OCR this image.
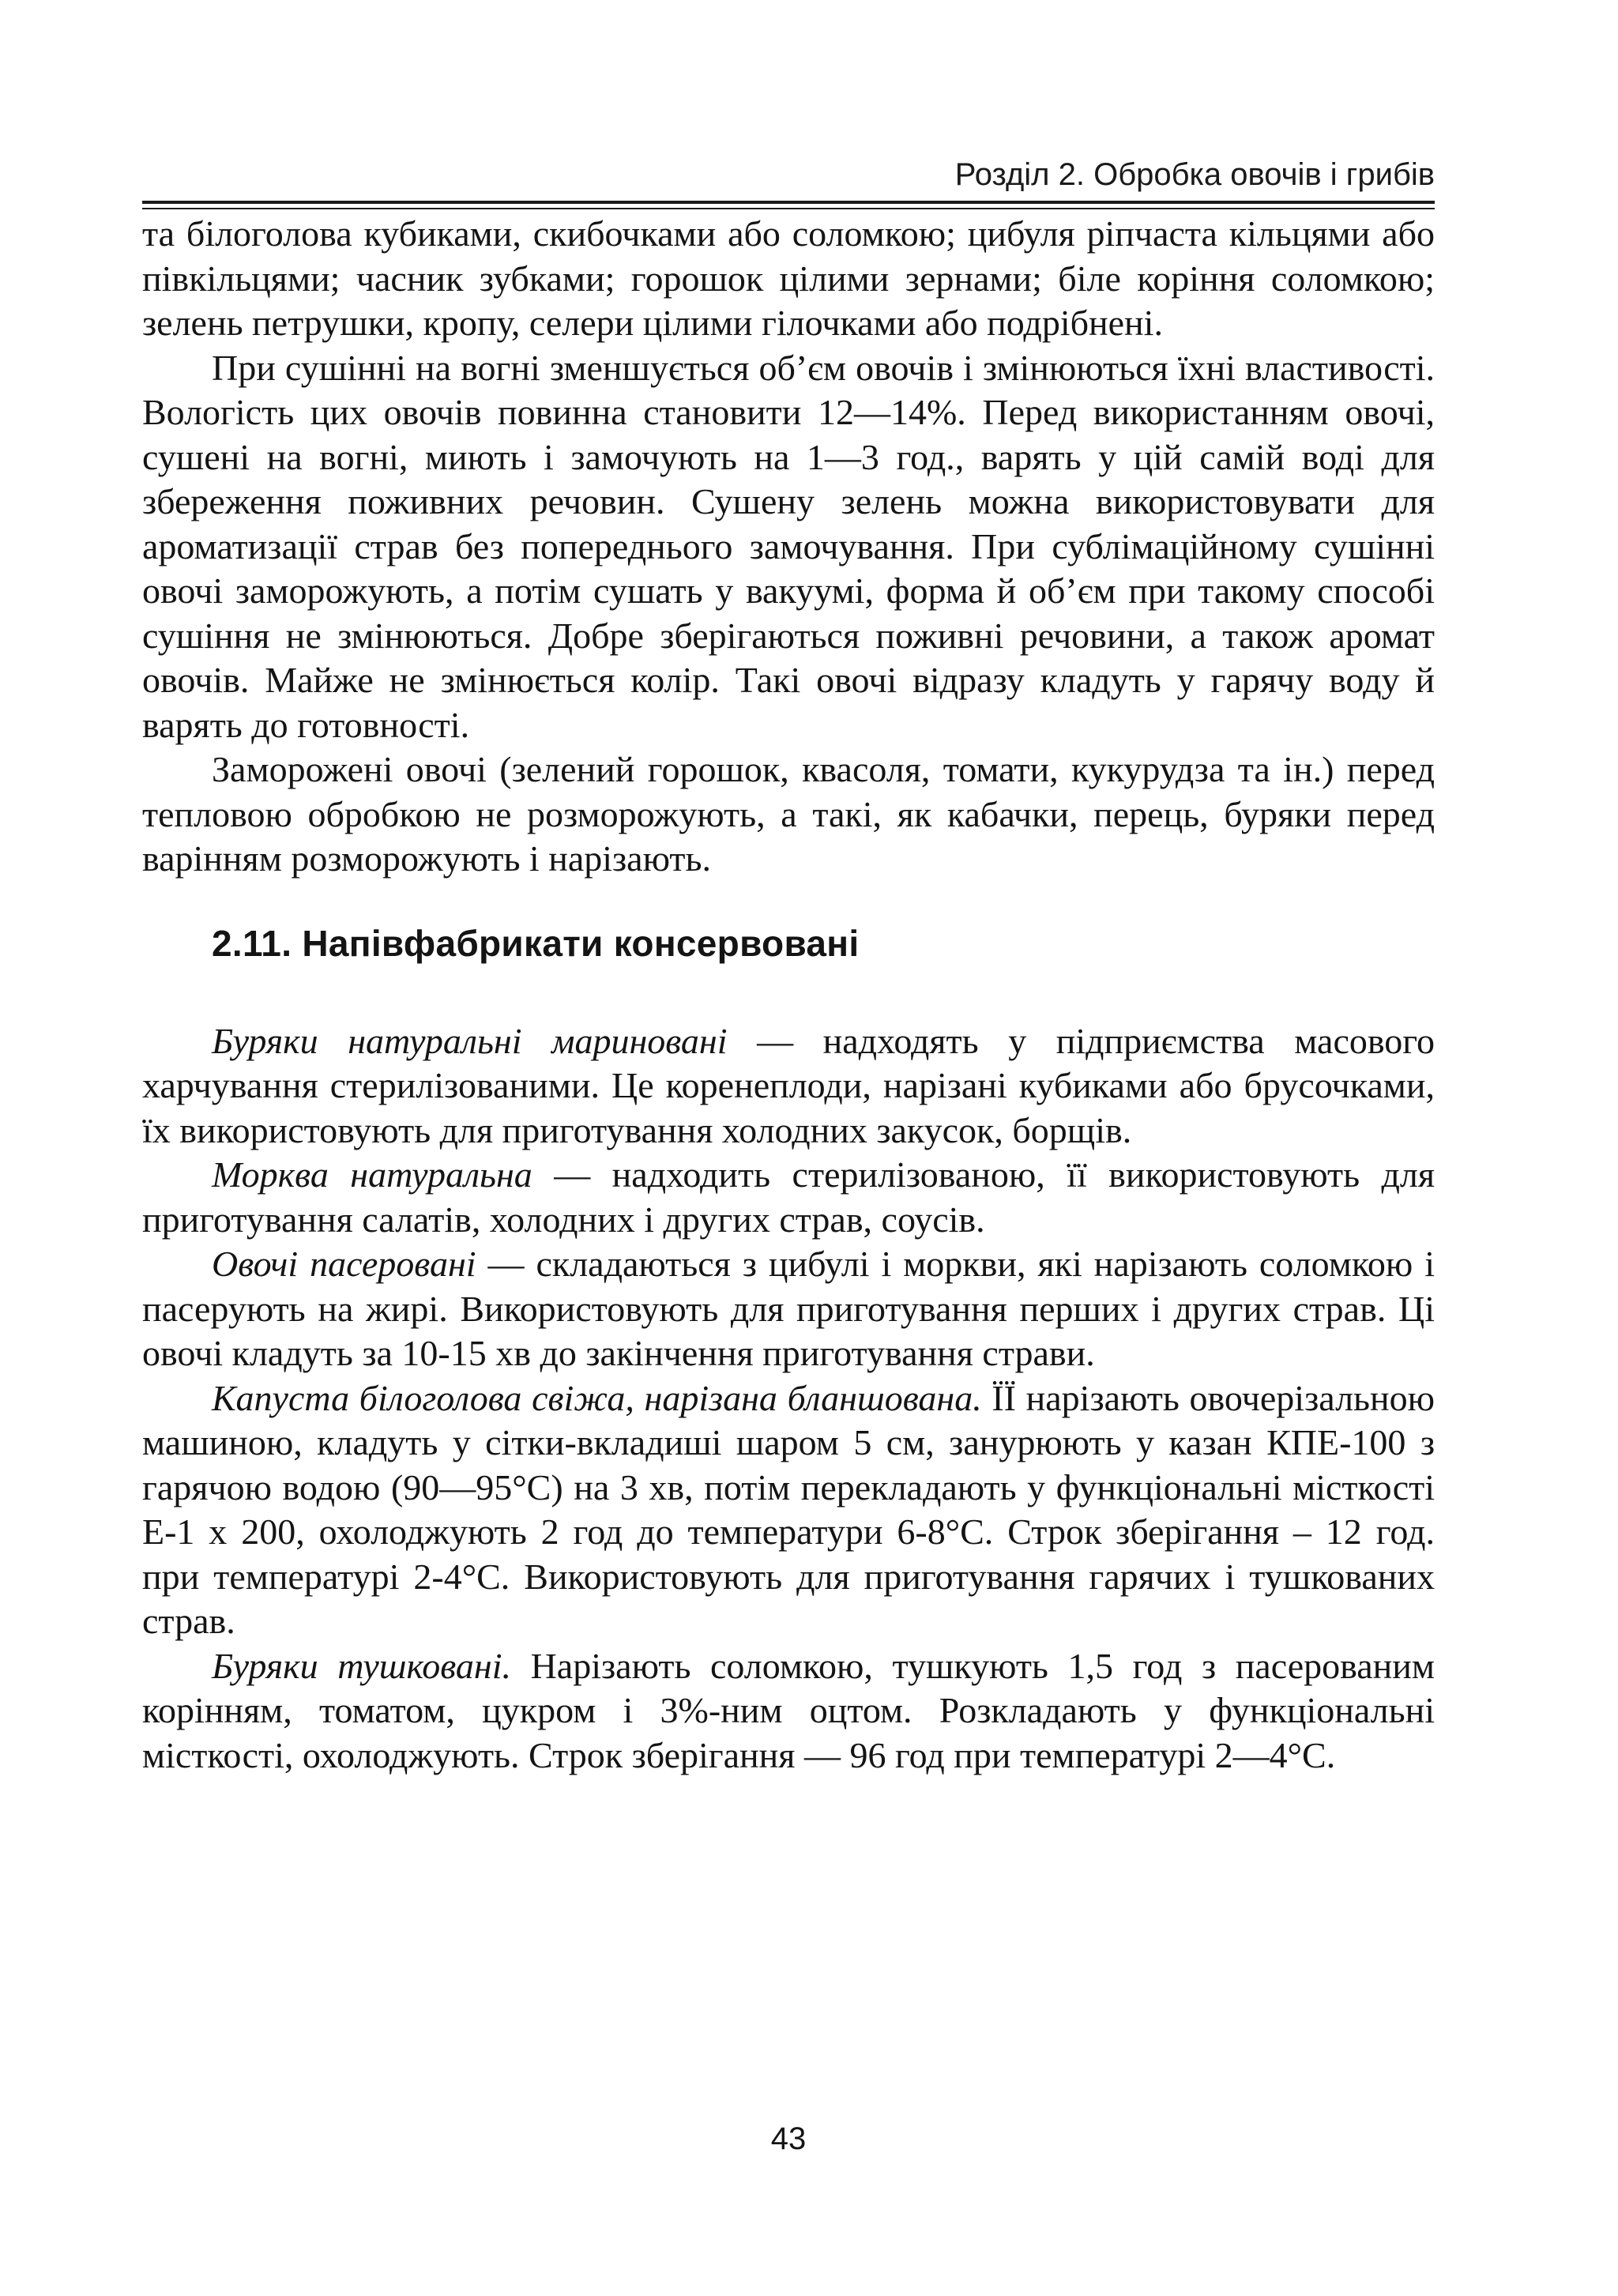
Розділ 2. Обробка овочів і грибів

та білоголова кубиками, скибочками або соломкою; цибуля ріпчаста кільцями або півкільцями; часник зубками; горошок цілими зернами; біле коріння соломкою; зелень петрушки, кропу, селери цілими гілочками або подрібнені.

При сушінні на вогні зменшується об’єм овочів і змінюються їхні властивості. Вологість цих овочів повинна становити 12—14%. Перед використанням овочі, сушені на вогні, миють і замочують на 1—3 год., варять у цій самій воді для збереження поживних речовин. Сушену зелень можна використовувати для ароматизації страв без попереднього замочування. При сублімаційному сушінні овочі заморожують, а потім сушать у вакуумі, форма й об’єм при такому способі сушіння не змінюються. Добре зберігаються поживні речовини, а також аромат овочів. Майже не змінюється колір. Такі овочі відразу кладуть у гарячу воду й варять до готовності.

Заморожені овочі (зелений горошок, квасоля, томати, кукурудза та ін.) перед тепловою обробкою не розморожують, а такі, як кабачки, перець, буряки перед варінням розморожують і нарізають.

2.11. Напівфабрикати консервовані

Буряки натуральні мариновані — надходять у підприємства масового харчування стерилізованими. Це коренеплоди, нарізані кубиками або брусочками, їх використовують для приготування холодних закусок, борщів.

Морква натуральна — надходить стерилізованою, її використовують для приготування салатів, холодних і других страв, соусів.

Овочі пасеровані — складаються з цибулі і моркви, які нарізають соломкою і пасерують на жирі. Використовують для приготування перших і других страв. Ці овочі кладуть за 10-15 хв до закінчення приготування страви.

Капуста білоголова свіжа, нарізана бланшована. ЇЇ нарізають овочерізальною машиною, кладуть у сітки-вкладиші шаром 5 см, занурюють у казан КПЕ-100 з гарячою водою (90—95°С) на 3 хв, потім перекладають у функціональні місткості Е-1 х 200, охолоджують 2 год до температури 6-8°С. Строк зберігання – 12 год. при температурі 2-4°С. Використовують для приготування гарячих і тушкованих страв.

Буряки тушковані. Нарізають соломкою, тушкують 1,5 год з пасерованим корінням, томатом, цукром і 3%-ним оцтом. Розкладають у функціональні місткості, охолоджують. Строк зберігання — 96 год при температурі 2—4°С.

43
